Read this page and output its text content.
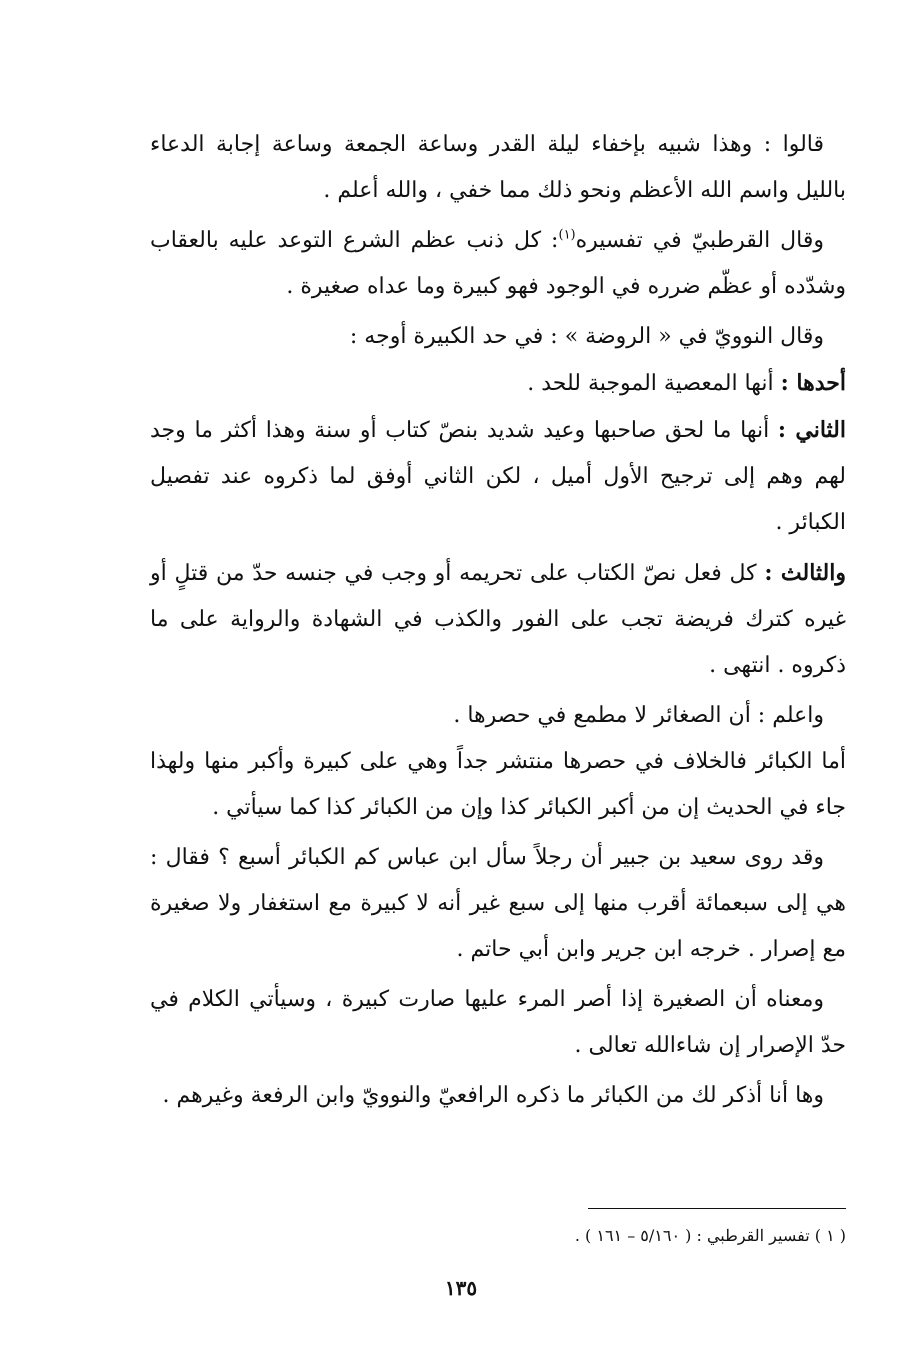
قالوا : وهذا شبيه بإخفاء ليلة القدر وساعة الجمعة وساعة إجابة الدعاء بالليل واسم الله الأعظم ونحو ذلك مما خفي ، والله أعلم .

وقال القرطبيّ في تفسيره$^{(١)}$: كل ذنب عظم الشرع التوعد عليه بالعقاب وشدّده أو عظّم ضرره في الوجود فهو كبيرة وما عداه صغيرة .

وقال النوويّ في « الروضة » : في حد الكبيرة أوجه :

أحدها : أنها المعصية الموجبة للحد .

الثاني : أنها ما لحق صاحبها وعيد شديد بنصّ كتاب أو سنة وهذا أكثر ما وجد لهم وهم إلى ترجيح الأول أميل ، لكن الثاني أوفق لما ذكروه عند تفصيل الكبائر .

والثالث : كل فعل نصّ الكتاب على تحريمه أو وجب في جنسه حدّ من قتلٍ أو غيره كترك فريضة تجب على الفور والكذب في الشهادة والرواية على ما ذكروه . انتهى .

واعلم : أن الصغائر لا مطمع في حصرها .

أما الكبائر فالخلاف في حصرها منتشر جداً وهي على كبيرة وأكبر منها ولهذا جاء في الحديث إن من أكبر الكبائر كذا وإن من الكبائر كذا كما سيأتي .

وقد روى سعيد بن جبير أن رجلاً سأل ابن عباس كم الكبائر أسبع ؟ فقال : هي إلى سبعمائة أقرب منها إلى سبع غير أنه لا كبيرة مع استغفار ولا صغيرة مع إصرار . خرجه ابن جرير وابن أبي حاتم .

ومعناه أن الصغيرة إذا أصر المرء عليها صارت كبيرة ، وسيأتي الكلام في حدّ الإصرار إن شاءالله تعالى .

وها أنا أذكر لك من الكبائر ما ذكره الرافعيّ والنوويّ وابن الرفعة وغيرهم .

( ١ ) تفسير القرطبي : ( ٥/١٦٠ – ١٦١ ) .
١٣٥
